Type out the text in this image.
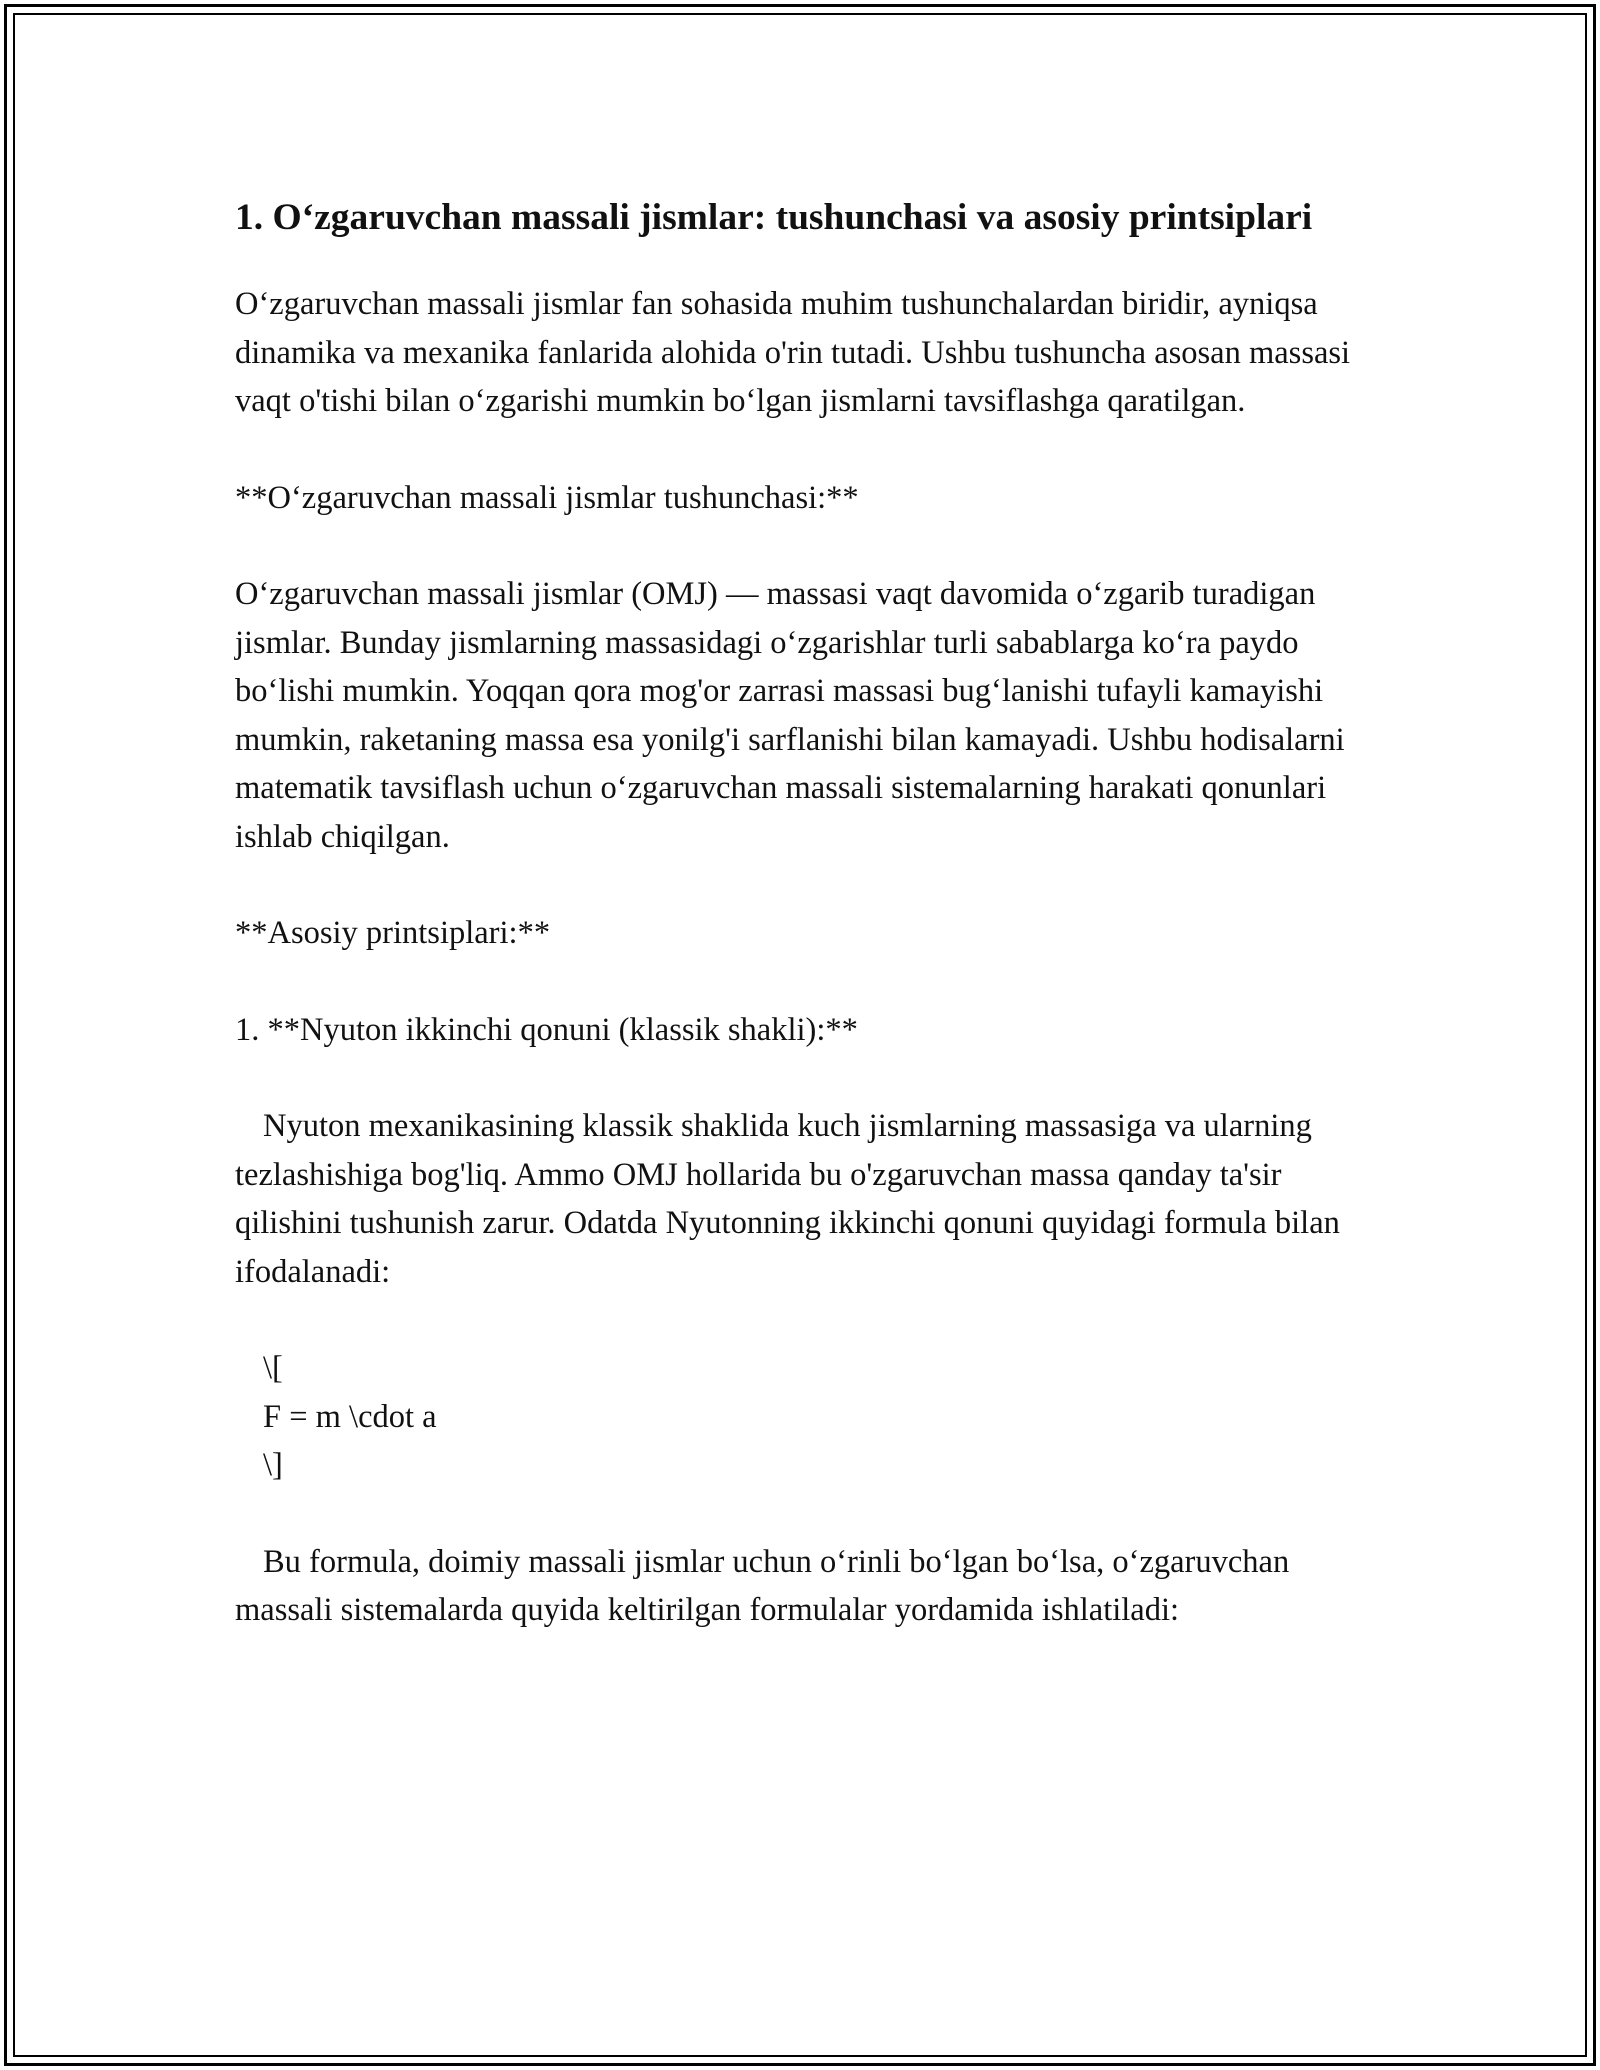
1. O‘zgaruvchan massali jismlar: tushunchasi va asosiy printsiplari

O‘zgaruvchan massali jismlar fan sohasida muhim tushunchalardan biridir, ayniqsa dinamika va mexanika fanlarida alohida o'rin tutadi. Ushbu tushuncha asosan massasi vaqt o'tishi bilan o‘zgarishi mumkin bo‘lgan jismlarni tavsiflashga qaratilgan.

**O‘zgaruvchan massali jismlar tushunchasi:**

O‘zgaruvchan massali jismlar (OMJ) — massasi vaqt davomida o‘zgarib turadigan jismlar. Bunday jismlarning massasidagi o‘zgarishlar turli sabablarga ko‘ra paydo bo‘lishi mumkin. Yoqqan qora mog'or zarrasi massasi bug‘lanishi tufayli kamayishi mumkin, raketaning massa esa yonilg'i sarflanishi bilan kamayadi. Ushbu hodisalarni matematik tavsiflash uchun o‘zgaruvchan massali sistemalarning harakati qonunlari ishlab chiqilgan.

**Asosiy printsiplari:**

1. **Nyuton ikkinchi qonuni (klassik shakli):**

Nyuton mexanikasining klassik shaklida kuch jismlarning massasiga va ularning tezlashishiga bog'liq. Ammo OMJ hollarida bu o'zgaruvchan massa qanday ta'sir qilishini tushunish zarur. Odatda Nyutonning ikkinchi qonuni quyidagi formula bilan ifodalanadi:

\[
F = m \cdot a
\]

Bu formula, doimiy massali jismlar uchun o‘rinli bo‘lgan bo‘lsa, o‘zgaruvchan massali sistemalarda quyida keltirilgan formulalar yordamida ishlatiladi:
